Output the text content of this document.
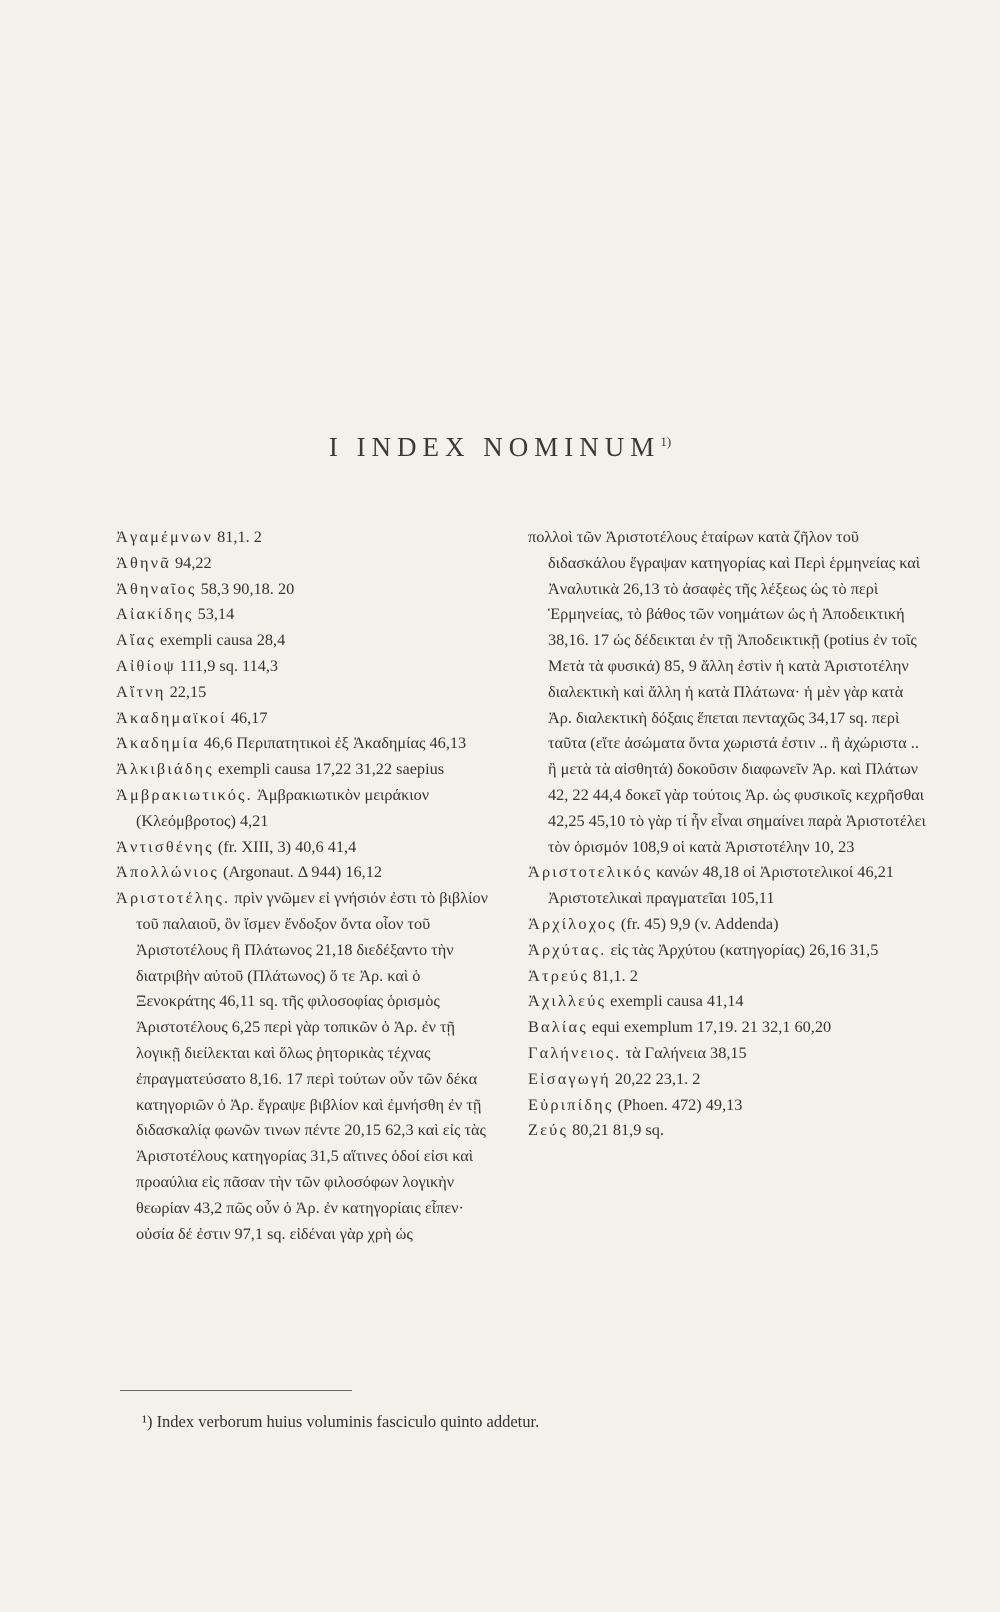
I INDEX NOMINUM$^{1)}$

Ἀγαμέμνων 81,1. 2

Ἀθηνᾶ 94,22

Ἀθηναῖος 58,3 90,18. 20

Αἰακίδης 53,14

Αἴας exempli causa 28,4

Αἰθίοψ 111,9 sq. 114,3

Αἴτνη 22,15

Ἀκαδημαϊκοί 46,17

Ἀκαδημία 46,6 Περιπατητικοὶ ἐξ Ἀκαδημίας 46,13

Ἀλκιβιάδης exempli causa 17,22 31,22 saepius

Ἀμβρακιωτικός. Ἀμβρακιωτικὸν μειράκιον (Κλεόμβροτος) 4,21

Ἀντισθένης (fr. XIII, 3) 40,6 41,4

Ἀπολλώνιος (Argonaut. Δ 944) 16,12

Ἀριστοτέλης. πρὶν γνῶμεν εἰ γνήσιόν ἐστι τὸ βιβλίον τοῦ παλαιοῦ, ὃν ἴσμεν ἔνδοξον ὄντα οἷον τοῦ Ἀριστοτέλους ἢ Πλάτωνος 21,18 διεδέξαντο τὴν διατριβὴν αὐτοῦ (Πλάτωνος) ὅ τε Ἀρ. καὶ ὁ Ξενοκράτης 46,11 sq. τῆς φιλοσοφίας ὁρισμὸς Ἀριστοτέλους 6,25 περὶ γὰρ τοπικῶν ὁ Ἀρ. ἐν τῇ λογικῇ διείλεκται καὶ ὅλως ῥητορικὰς τέχνας ἐπραγματεύσατο 8,16. 17 περὶ τούτων οὖν τῶν δέκα κατηγοριῶν ὁ Ἀρ. ἔγραψε βιβλίον καὶ ἐμνήσθη ἐν τῇ διδασκαλίᾳ φωνῶν τινων πέντε 20,15 62,3 καὶ εἰς τὰς Ἀριστοτέλους κατηγορίας 31,5 αἵτινες ὁδοί εἰσι καὶ προαύλια εἰς πᾶσαν τὴν τῶν φιλοσόφων λογικὴν θεωρίαν 43,2 πῶς οὖν ὁ Ἀρ. ἐν κατηγορίαις εἶπεν· οὐσία δέ ἐστιν 97,1 sq. εἰδέναι γὰρ χρὴ ὡς

πολλοὶ τῶν Ἀριστοτέλους ἑταίρων κατὰ ζῆλον τοῦ διδασκάλου ἔγραψαν κατηγορίας καὶ Περὶ ἑρμηνείας καὶ Ἀναλυτικὰ 26,13 τὸ ἀσαφὲς τῆς λέξεως ὡς τὸ περὶ Ἑρμηνείας, τὸ βάθος τῶν νοημάτων ὡς ἡ Ἀποδεικτική 38,16. 17 ὡς δέδεικται ἐν τῇ Ἀποδεικτικῇ (potius ἐν τοῖς Μετὰ τὰ φυσικά) 85, 9 ἄλλη ἐστὶν ἡ κατὰ Ἀριστοτέλην διαλεκτικὴ καὶ ἄλλη ἡ κατὰ Πλάτωνα· ἡ μὲν γὰρ κατὰ Ἀρ. διαλεκτικὴ δόξαις ἕπεται πενταχῶς 34,17 sq. περὶ ταῦτα (εἴτε ἀσώματα ὄντα χωριστά ἐστιν .. ἢ ἀχώριστα .. ἢ μετὰ τὰ αἰσθητά) δοκοῦσιν διαφωνεῖν Ἀρ. καὶ Πλάτων 42, 22 44,4 δοκεῖ γὰρ τούτοις Ἀρ. ὡς φυσικοῖς κεχρῆσθαι 42,25 45,10 τὸ γὰρ τί ἦν εἶναι σημαίνει παρὰ Ἀριστοτέλει τὸν ὁρισμόν 108,9 οἱ κατὰ Ἀριστοτέλην 10, 23

Ἀριστοτελικός κανών 48,18 οἱ Ἀριστοτελικοί 46,21 Ἀριστοτελικαὶ πραγματεῖαι 105,11

Ἀρχίλοχος (fr. 45) 9,9 (v. Addenda)

Ἀρχύτας. εἰς τὰς Ἀρχύτου (κατηγορίας) 26,16 31,5

Ἀτρεύς 81,1. 2

Ἀχιλλεύς exempli causa 41,14

Βαλίας equi exemplum 17,19. 21 32,1 60,20

Γαλήνειος. τὰ Γαλήνεια 38,15

Εἰσαγωγή 20,22 23,1. 2

Εὐριπίδης (Phoen. 472) 49,13

Ζεύς 80,21 81,9 sq.

¹) Index verborum huius voluminis fasciculo quinto addetur.
